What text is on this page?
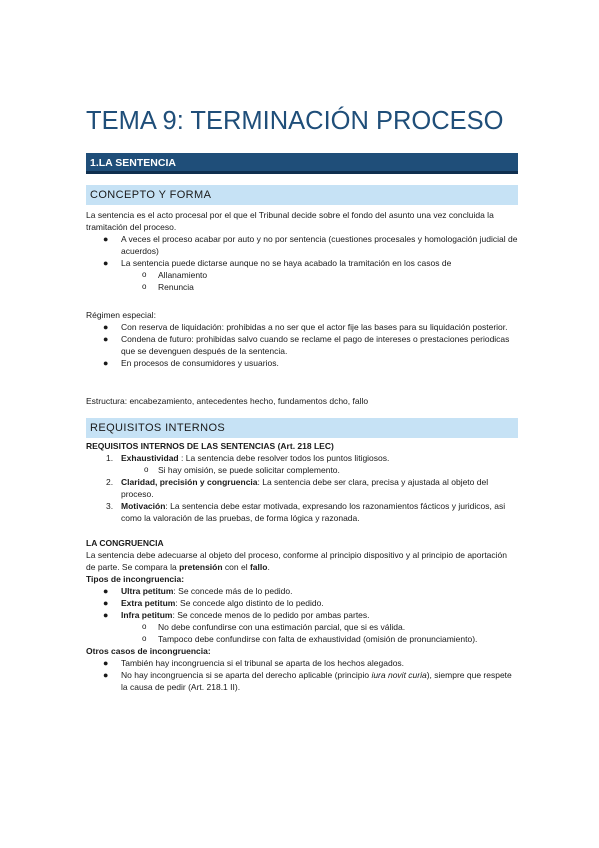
TEMA 9: TERMINACIÓN PROCESO
1.LA SENTENCIA
CONCEPTO Y FORMA

La sentencia es el acto procesal por el que el Tribunal decide sobre el fondo del asunto una vez concluida la tramitación del proceso.

● A veces el proceso acabar por auto y no por sentencia (cuestiones procesales y homologación judicial de acuerdos)
● La sentencia puede dictarse aunque no se haya acabado la tramitación en los casos de
o Allanamiento
o Renuncia

Régimen especial:

● Con reserva de liquidación: prohibidas a no ser que el actor fije las bases para su liquidación posterior.
● Condena de futuro: prohibidas salvo cuando se reclame el pago de intereses o prestaciones periodicas que se devenguen después de la sentencia.
● En procesos de consumidores y usuarios.
Estructura: encabezamiento, antecedentes hecho, fundamentos dcho, fallo
REQUISITOS INTERNOS

REQUISITOS INTERNOS DE LAS SENTENCIAS (Art. 218 LEC)

1. Exhaustividad : La sentencia debe resolver todos los puntos litigiosos.
o Si hay omisión, se puede solicitar complemento.
2. Claridad, precisión y congruencia: La sentencia debe ser clara, precisa y ajustada al objeto del proceso.
3. Motivación: La sentencia debe estar motivada, expresando los razonamientos fácticos y juridicos, asi como la valoración de las pruebas, de forma lógica y razonada.

LA CONGRUENCIA

La sentencia debe adecuarse al objeto del proceso, conforme al principio dispositivo y al principio de aportación de parte. Se compara la pretensión con el fallo.

Tipos de incongruencia:

● Ultra petitum: Se concede más de lo pedido.
● Extra petitum: Se concede algo distinto de lo pedido.
● Infra petitum: Se concede menos de lo pedido por ambas partes.
o No debe confundirse con una estimación parcial, que si es válida.
o Tampoco debe confundirse con falta de exhaustividad (omisión de pronunciamiento).

Otros casos de incongruencia:

● También hay incongruencia si el tribunal se aparta de los hechos alegados.
● No hay incongruencia si se aparta del derecho aplicable (principio iura novit curia), siempre que respete la causa de pedir (Art. 218.1 II).
